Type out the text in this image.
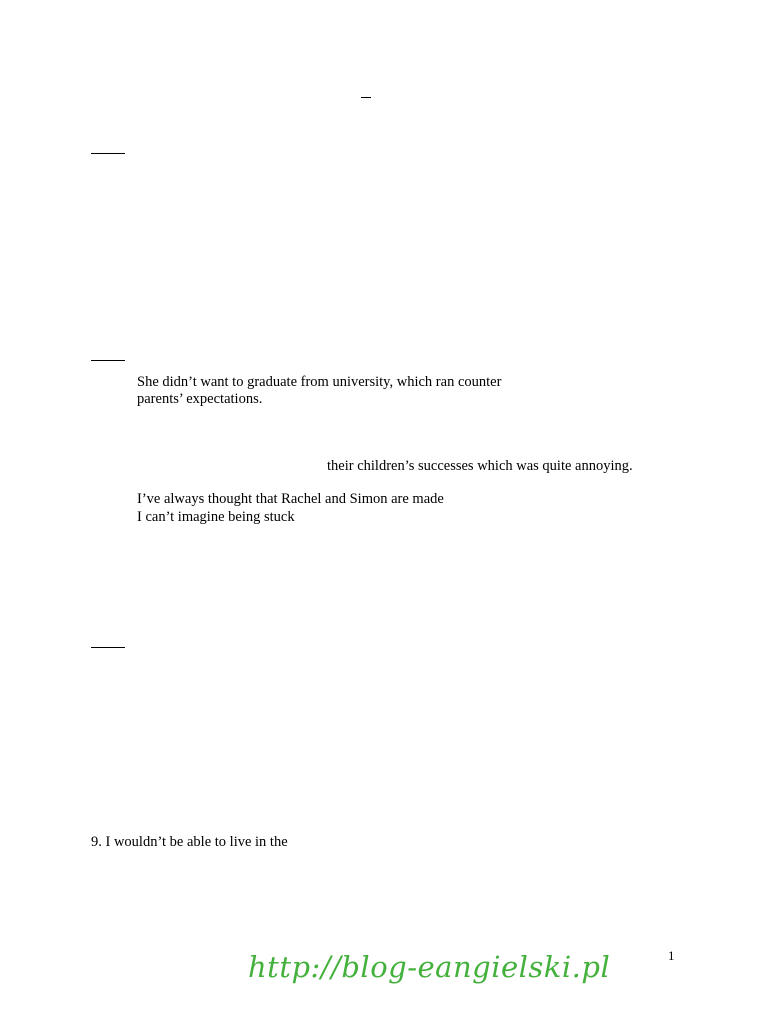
She didn’t want to graduate from university, which ran counter
parents’ expectations.
their children’s successes which was quite annoying.
I’ve always thought that Rachel and Simon are made
I can’t imagine being stuck
9. I wouldn’t be able to live in the
1
http://blog-eangielski.pl
